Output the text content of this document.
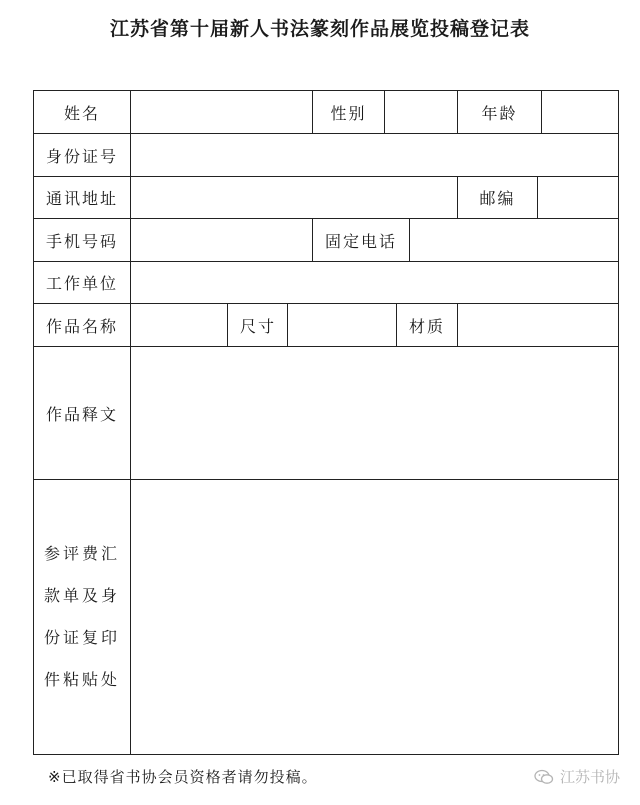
江苏省第十届新人书法篆刻作品展览投稿登记表
姓名	性别	年龄
身份证号
通讯地址	邮编
手机号码	固定电话
工作单位
作品名称	尺寸	材质
作品释文
参评费汇
款单及身
份证复印
件粘贴处
※已取得省书协会员资格者请勿投稿。	江苏书协
